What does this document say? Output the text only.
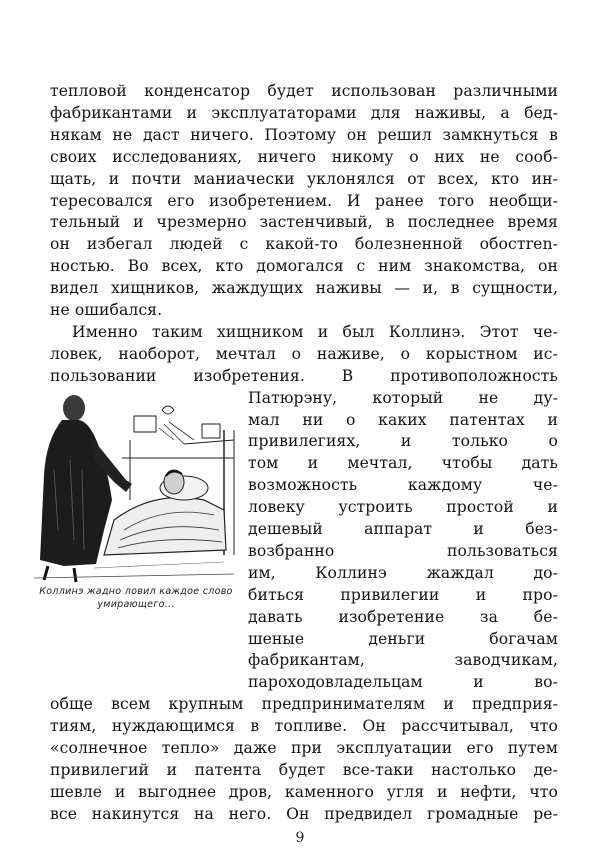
тепловой конденсатор будет использован различными
фабрикантами и эксплуататорами для наживы, а бед-
някам не даст ничего. Поэтому он решил замкнуться в
своих исследованиях, ничего никому о них не сооб-
щать, и почти маниачески уклонялся от всех, кто ин-
тересовался его изобретением. И ранее того необщи-
тельный и чрезмерно застенчивый, в последнее время
он избегал людей с какой-то болезненной обостren-
ностью. Во всех, кто домогался с ним знакомства, он
видел хищников, жаждущих наживы — и, в сущности,
не ошибался.
Именно таким хищником и был Коллинэ. Этот че-
ловек, наоборот, мечтал о наживе, о корыстном ис-
пользовании изобретения. В противоположность
Коллинэ жадно ловил каждое слово
умирающего...
Патюрэну, который не ду-
мал ни о каких патентах и
привилегиях, и только о
том и мечтал, чтобы дать
возможность каждому че-
ловеку устроить простой и
дешевый аппарат и без-
возбранно пользоваться
им, Коллинэ жаждал до-
биться привилегии и про-
давать изобретение за бе-
шеные деньги богачам
фабрикантам, заводчикам,
пароходовладельцам и во-
обще всем крупным предпринимателям и предприя-
тиям, нуждающимся в топливе. Он рассчитывал, что
«солнечное тепло» даже при эксплуатации его путем
привилегий и патента будет все-таки настолько де-
шевле и выгоднее дров, каменного угля и нефти, что
все накинутся на него. Он предвидел громадные ре-
9
